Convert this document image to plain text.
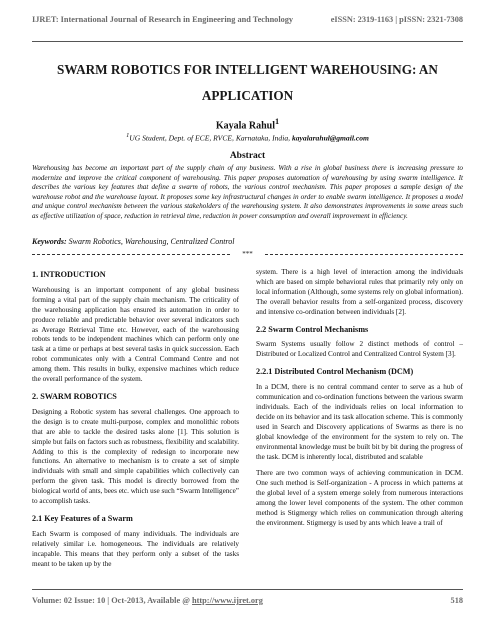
IJRET: International Journal of Research in Engineering and Technology	eISSN: 2319-1163 | pISSN: 2321-7308
SWARM ROBOTICS FOR INTELLIGENT WAREHOUSING: AN APPLICATION
Kayala Rahul$^1$
$^1$UG Student, Dept. of ECE, RVCE, Karnataka, India, kayalarahul@gmail.com
Abstract
Warehousing has become an important part of the supply chain of any business. With a rise in global business there is increasing pressure to modernize and improve the critical component of warehousing. This paper proposes automation of warehousing by using swarm intelligence. It describes the various key features that define a swarm of robots, the various control mechanism. This paper proposes a sample design of the warehouse robot and the warehouse layout. It proposes some key infrastructural changes in order to enable swarm intelligence. It proposes a model and unique control mechanism between the various stakeholders of the warehousing system. It also demonstrates improvements in some areas such as effective utilization of space, reduction in retrieval time, reduction in power consumption and overall improvement in efficiency.
Keywords: Swarm Robotics, Warehousing, Centralized Control
***
1. INTRODUCTION

Warehousing is an important component of any global business forming a vital part of the supply chain mechanism. The criticality of the warehousing application has ensured its automation in order to produce reliable and predictable behavior over several indicators such as Average Retrieval Time etc. However, each of the warehousing robots tends to be independent machines which can perform only one task at a time or perhaps at best several tasks in quick succession. Each robot communicates only with a Central Command Centre and not among them. This results in bulky, expensive machines which reduce the overall performance of the system.

2. SWARM ROBOTICS

Designing a Robotic system has several challenges. One approach to the design is to create multi-purpose, complex and monolithic robots that are able to tackle the desired tasks alone [1]. This solution is simple but fails on factors such as robustness, flexibility and scalability. Adding to this is the complexity of redesign to incorporate new functions. An alternative to mechanism is to create a set of simple individuals with small and simple capabilities which collectively can perform the given task. This model is directly borrowed from the biological world of ants, bees etc. which use such “Swarm Intelligence” to accomplish tasks.

2.1 Key Features of a Swarm

Each Swarm is composed of many individuals. The individuals are relatively similar i.e. homogeneous. The individuals are relatively incapable. This means that they perform only a subset of the tasks meant to be taken up by the

system. There is a high level of interaction among the individuals which are based on simple behavioral rules that primarily rely only on local information (Although, some systems rely on global information). The overall behavior results from a self-organized process, discovery and intensive co-ordination between individuals [2].

2.2 Swarm Control Mechanisms

Swarm Systems usually follow 2 distinct methods of control – Distributed or Localized Control and Centralized Control System [3].

2.2.1 Distributed Control Mechanism (DCM)

In a DCM, there is no central command center to serve as a hub of communication and co-ordination functions between the various swarm individuals. Each of the individuals relies on local information to decide on its behavior and its task allocation scheme. This is commonly used in Search and Discovery applications of Swarms as there is no global knowledge of the environment for the system to rely on. The environmental knowledge must be built bit by bit during the progress of the task. DCM is inherently local, distributed and scalable

There are two common ways of achieving communication in DCM. One such method is Self-organization - A process in which patterns at the global level of a system emerge solely from numerous interactions among the lower level components of the system. The other common method is Stigmergy which relies on communication through altering the environment. Stigmergy is used by ants which leave a trail of

Volume: 02 Issue: 10 | Oct-2013, Available @ http://www.ijret.org	518
